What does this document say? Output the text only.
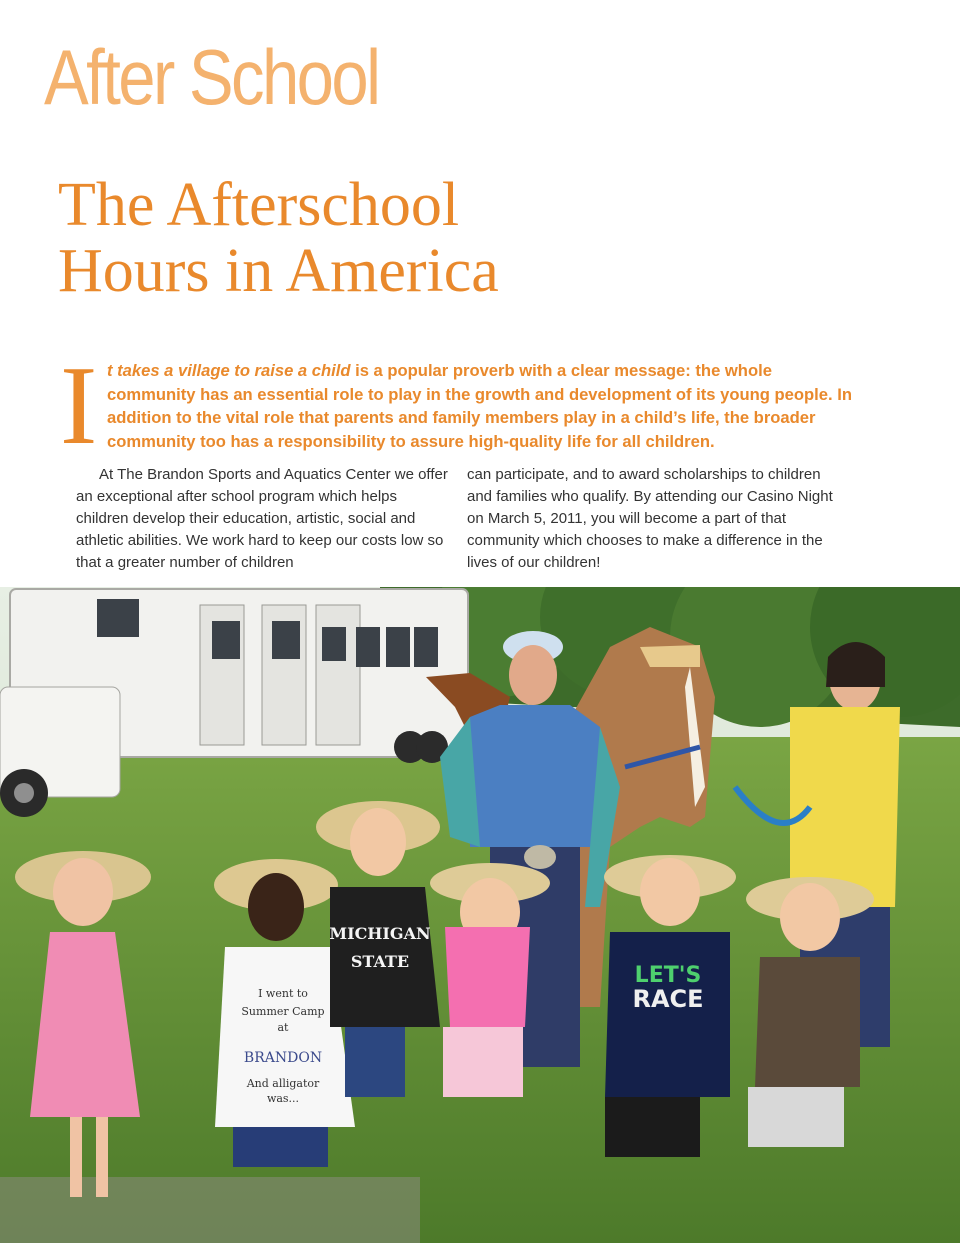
After School
The Afterschool
Hours in America
I t takes a village to raise a child is a popular proverb with a clear message: the whole community has an essential role to play in the growth and development of its young people. In addition to the vital role that parents and family members play in a child’s life, the broader community too has a responsibility to assure high-quality life for all children.

At The Brandon Sports and Aquatics Center we offer an exceptional after school program which helps children develop their education, artistic, social and athletic abilities. We work hard to keep our costs low so that a greater number of children

can participate, and to award scholarships to children and families who qualify. By attending our Casino Night on March 5, 2011, you will become a part of that community which chooses to make a difference in the lives of our children!

I went to
Summer Camp
at
BRANDON
And alligator
was...
MICHIGAN
STATE
LET'S
RACE
